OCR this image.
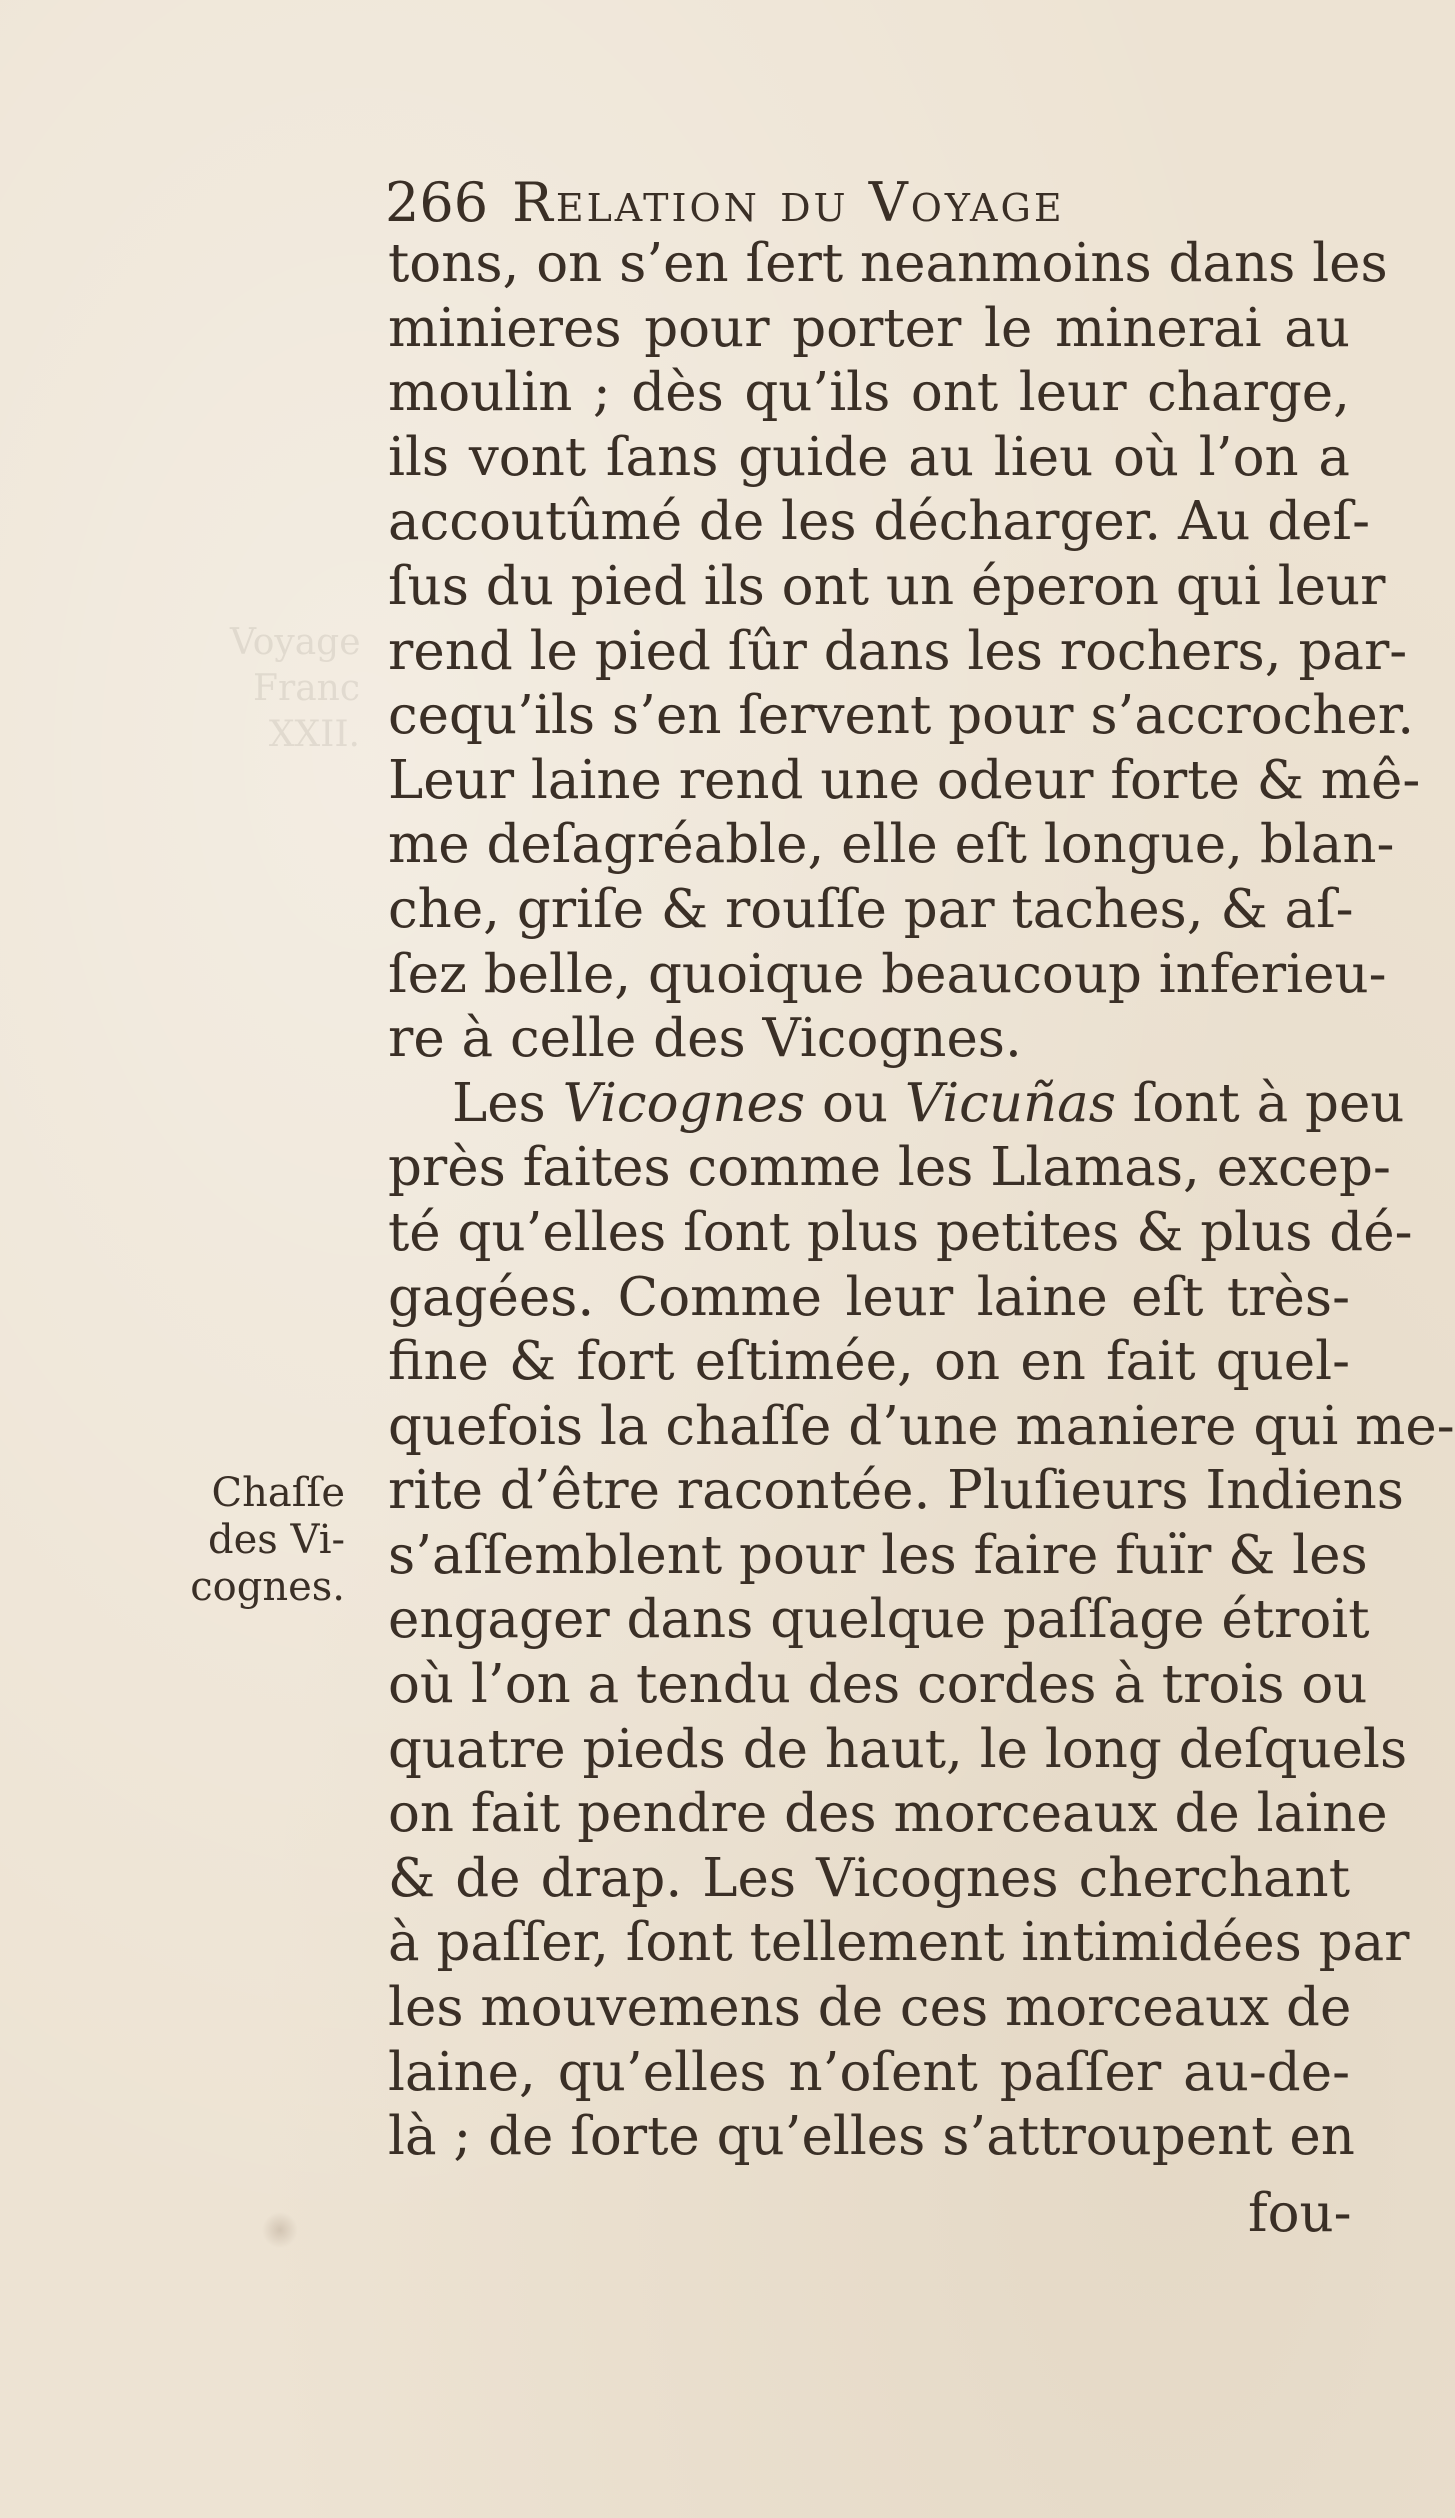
Voyage
Franc
XXII.
266 Relation du Voyage
tons, on s’en ſert neanmoins dans les
minieres pour porter le minerai au
moulin ; dès qu’ils ont leur charge,
ils vont ſans guide au lieu où l’on a
accoutûmé de les décharger. Au deſ-
ſus du pied ils ont un éperon qui leur
rend le pied ſûr dans les rochers, par-
cequ’ils s’en ſervent pour s’accrocher.
Leur laine rend une odeur forte & mê-
me deſagréable, elle eſt longue, blan-
che, griſe & rouſſe par taches, & aſ-
ſez belle, quoique beaucoup inferieu-
re à celle des Vicognes.
Les Vicognes ou Vicuñas ſont à peu
près faites comme les Llamas, excep-
té qu’elles ſont plus petites & plus dé-
gagées. Comme leur laine eſt très-
fine & fort eſtimée, on en fait quel-
quefois la chaſſe d’une maniere qui me-
rite d’être racontée. Pluſieurs Indiens
s’aſſemblent pour les faire fuïr & les
engager dans quelque paſſage étroit
où l’on a tendu des cordes à trois ou
quatre pieds de haut, le long deſquels
on fait pendre des morceaux de laine
& de drap. Les Vicognes cherchant
à paſſer, ſont tellement intimidées par
les mouvemens de ces morceaux de
laine, qu’elles n’oſent paſſer au-de-
là ; de ſorte qu’elles s’attroupent en
fou-
Chaſſe
des Vi-
cognes.
